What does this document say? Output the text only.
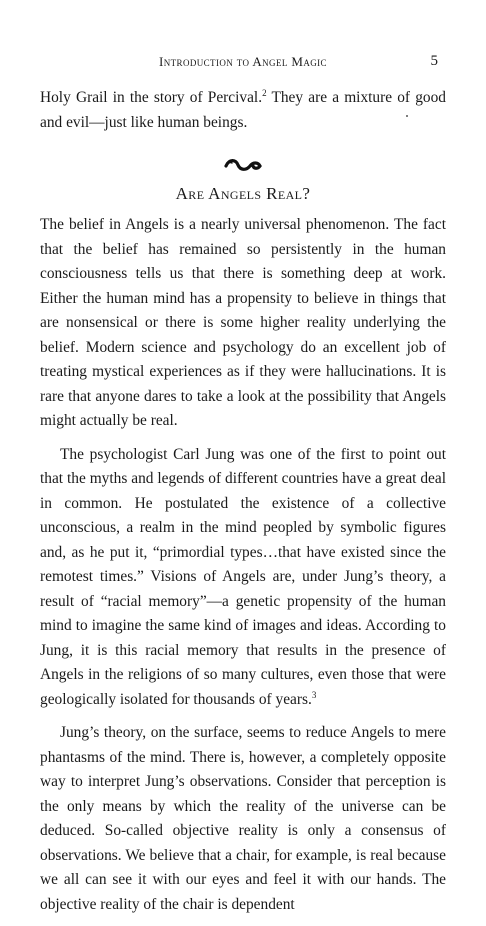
Introduction to Angel Magic	5

Holy Grail in the story of Percival.$^2$ They are a mixture of good and evil—just like human beings.

Are Angels Real?

The belief in Angels is a nearly universal phenomenon. The fact that the belief has remained so persistently in the human consciousness tells us that there is something deep at work. Either the human mind has a propensity to believe in things that are nonsensical or there is some higher reality underlying the belief. Modern science and psychology do an excellent job of treating mystical experiences as if they were hallucinations. It is rare that anyone dares to take a look at the possibility that Angels might actually be real.

The psychologist Carl Jung was one of the first to point out that the myths and legends of different countries have a great deal in common. He postulated the existence of a collective unconscious, a realm in the mind peopled by symbolic figures and, as he put it, “primordial types…that have existed since the remotest times.” Visions of Angels are, under Jung’s theory, a result of “racial memory”—a genetic propensity of the human mind to imagine the same kind of images and ideas. According to Jung, it is this racial memory that results in the presence of Angels in the religions of so many cultures, even those that were geologically isolated for thousands of years.$^3$

Jung’s theory, on the surface, seems to reduce Angels to mere phantasms of the mind. There is, however, a completely opposite way to interpret Jung’s observations. Consider that perception is the only means by which the reality of the universe can be deduced. So-called objective reality is only a consensus of observations. We believe that a chair, for example, is real because we all can see it with our eyes and feel it with our hands. The objective reality of the chair is dependent
